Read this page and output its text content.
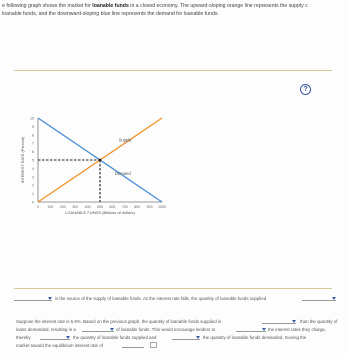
e following graph shows the market for loanable funds in a closed economy. The upward-sloping orange line represents the supply c
loanable funds, and the downward-sloping blue line represents the demand for loanable funds.
?
0
1
2
3
4
5
6
7
8
9
10
0 100 200 300 400 500 600 700 800 900 1000
LOANABLE FUNDS (Billions of dollars)
INTEREST RATE (Percent)	Supply
Demand
is the source of the supply of loanable funds. As the interest rate falls, the quantity of loanable funds supplied
Suppose the interest rate is 5.5%. Based on the previous graph, the quantity of loanable funds supplied is	than the quantity of
loans demanded, resulting in a	of loanable funds. This would encourage lenders to	the interest rates they charge,
thereby	the quantity of loanable funds supplied and	the quantity of loanable funds demanded, moving the
market toward the equilibrium interest rate of
